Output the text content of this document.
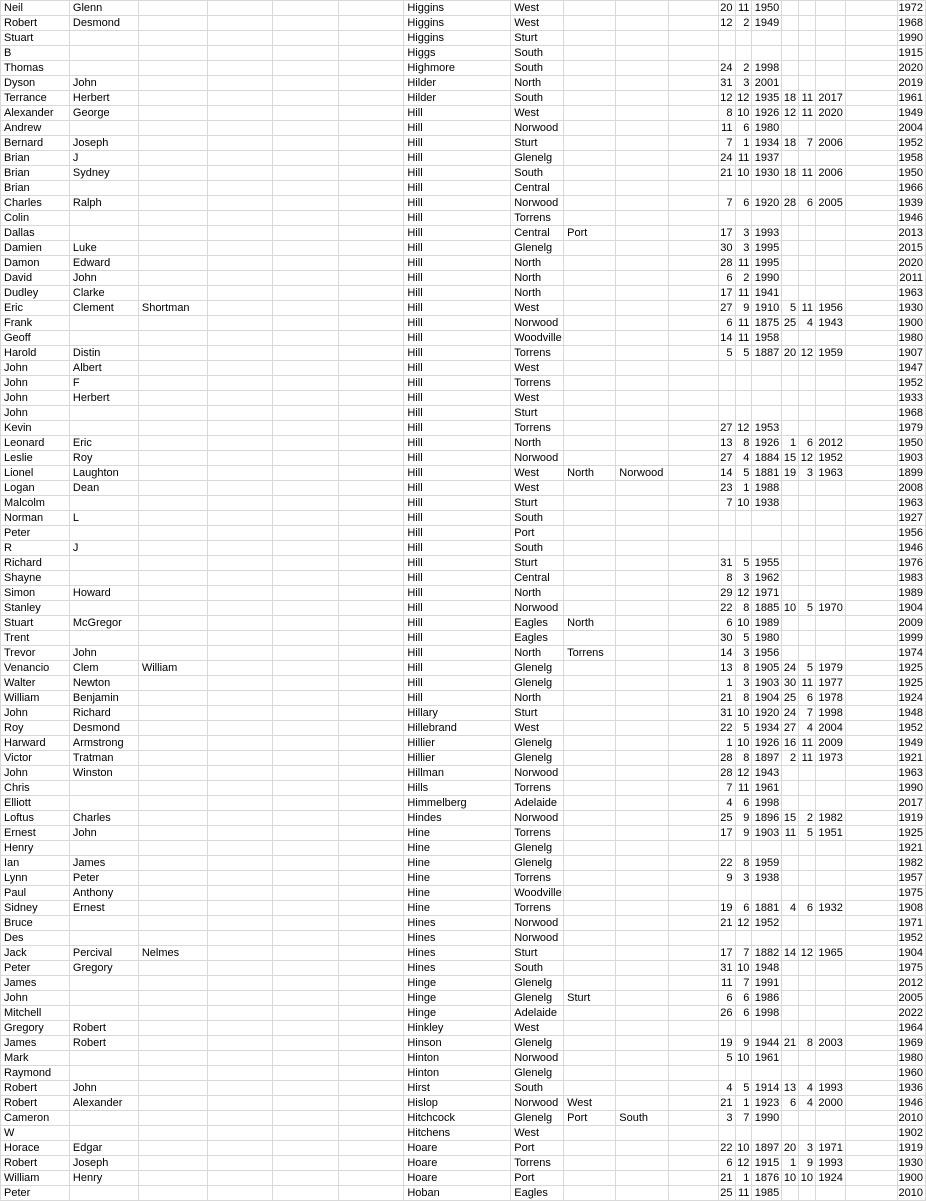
Neil	Glenn					Higgins	West				20	11	1950					1972
Robert	Desmond					Higgins	West				12	2	1949					1968
Stuart						Higgins	Sturt											1990
B						Higgs	South											1915
Thomas						Highmore	South				24	2	1998					2020
Dyson	John					Hilder	North				31	3	2001					2019
Terrance	Herbert					Hilder	South				12	12	1935	18	11	2017		1961
Alexander	George					Hill	West				8	10	1926	12	11	2020		1949
Andrew						Hill	Norwood				11	6	1980					2004
Bernard	Joseph					Hill	Sturt				7	1	1934	18	7	2006		1952
Brian	J					Hill	Glenelg				24	11	1937					1958
Brian	Sydney					Hill	South				21	10	1930	18	11	2006		1950
Brian						Hill	Central											1966
Charles	Ralph					Hill	Norwood				7	6	1920	28	6	2005		1939
Colin						Hill	Torrens											1946
Dallas						Hill	Central	Port			17	3	1993					2013
Damien	Luke					Hill	Glenelg				30	3	1995					2015
Damon	Edward					Hill	North				28	11	1995					2020
David	John					Hill	North				6	2	1990					2011
Dudley	Clarke					Hill	North				17	11	1941					1963
Eric	Clement	Shortman				Hill	West				27	9	1910	5	11	1956		1930
Frank						Hill	Norwood				6	11	1875	25	4	1943		1900
Geoff						Hill	Woodville				14	11	1958					1980
Harold	Distin					Hill	Torrens				5	5	1887	20	12	1959		1907
John	Albert					Hill	West											1947
John	F					Hill	Torrens											1952
John	Herbert					Hill	West											1933
John						Hill	Sturt											1968
Kevin						Hill	Torrens				27	12	1953					1979
Leonard	Eric					Hill	North				13	8	1926	1	6	2012		1950
Leslie	Roy					Hill	Norwood				27	4	1884	15	12	1952		1903
Lionel	Laughton					Hill	West	North	Norwood		14	5	1881	19	3	1963		1899
Logan	Dean					Hill	West				23	1	1988					2008
Malcolm						Hill	Sturt				7	10	1938					1963
Norman	L					Hill	South											1927
Peter						Hill	Port											1956
R	J					Hill	South											1946
Richard						Hill	Sturt				31	5	1955					1976
Shayne						Hill	Central				8	3	1962					1983
Simon	Howard					Hill	North				29	12	1971					1989
Stanley						Hill	Norwood				22	8	1885	10	5	1970		1904
Stuart	McGregor					Hill	Eagles	North			6	10	1989					2009
Trent						Hill	Eagles				30	5	1980					1999
Trevor	John					Hill	North	Torrens			14	3	1956					1974
Venancio	Clem	William				Hill	Glenelg				13	8	1905	24	5	1979		1925
Walter	Newton					Hill	Glenelg				1	3	1903	30	11	1977		1925
William	Benjamin					Hill	North				21	8	1904	25	6	1978		1924
John	Richard					Hillary	Sturt				31	10	1920	24	7	1998		1948
Roy	Desmond					Hillebrand	West				22	5	1934	27	4	2004		1952
Harward	Armstrong					Hillier	Glenelg				1	10	1926	16	11	2009		1949
Victor	Tratman					Hillier	Glenelg				28	8	1897	2	11	1973		1921
John	Winston					Hillman	Norwood				28	12	1943					1963
Chris						Hills	Torrens				7	11	1961					1990
Elliott						Himmelberg	Adelaide				4	6	1998					2017
Loftus	Charles					Hindes	Norwood				25	9	1896	15	2	1982		1919
Ernest	John					Hine	Torrens				17	9	1903	11	5	1951		1925
Henry						Hine	Glenelg											1921
Ian	James					Hine	Glenelg				22	8	1959					1982
Lynn	Peter					Hine	Torrens				9	3	1938					1957
Paul	Anthony					Hine	Woodville											1975
Sidney	Ernest					Hine	Torrens				19	6	1881	4	6	1932		1908
Bruce						Hines	Norwood				21	12	1952					1971
Des						Hines	Norwood											1952
Jack	Percival	Nelmes				Hines	Sturt				17	7	1882	14	12	1965		1904
Peter	Gregory					Hines	South				31	10	1948					1975
James						Hinge	Glenelg				11	7	1991					2012
John						Hinge	Glenelg	Sturt			6	6	1986					2005
Mitchell						Hinge	Adelaide				26	6	1998					2022
Gregory	Robert					Hinkley	West											1964
James	Robert					Hinson	Glenelg				19	9	1944	21	8	2003		1969
Mark						Hinton	Norwood				5	10	1961					1980
Raymond						Hinton	Glenelg											1960
Robert	John					Hirst	South				4	5	1914	13	4	1993		1936
Robert	Alexander					Hislop	Norwood	West			21	1	1923	6	4	2000		1946
Cameron						Hitchcock	Glenelg	Port	South		3	7	1990					2010
W						Hitchens	West											1902
Horace	Edgar					Hoare	Port				22	10	1897	20	3	1971		1919
Robert	Joseph					Hoare	Torrens				6	12	1915	1	9	1993		1930
William	Henry					Hoare	Port				21	1	1876	10	10	1924		1900
Peter						Hoban	Eagles				25	11	1985					2010
